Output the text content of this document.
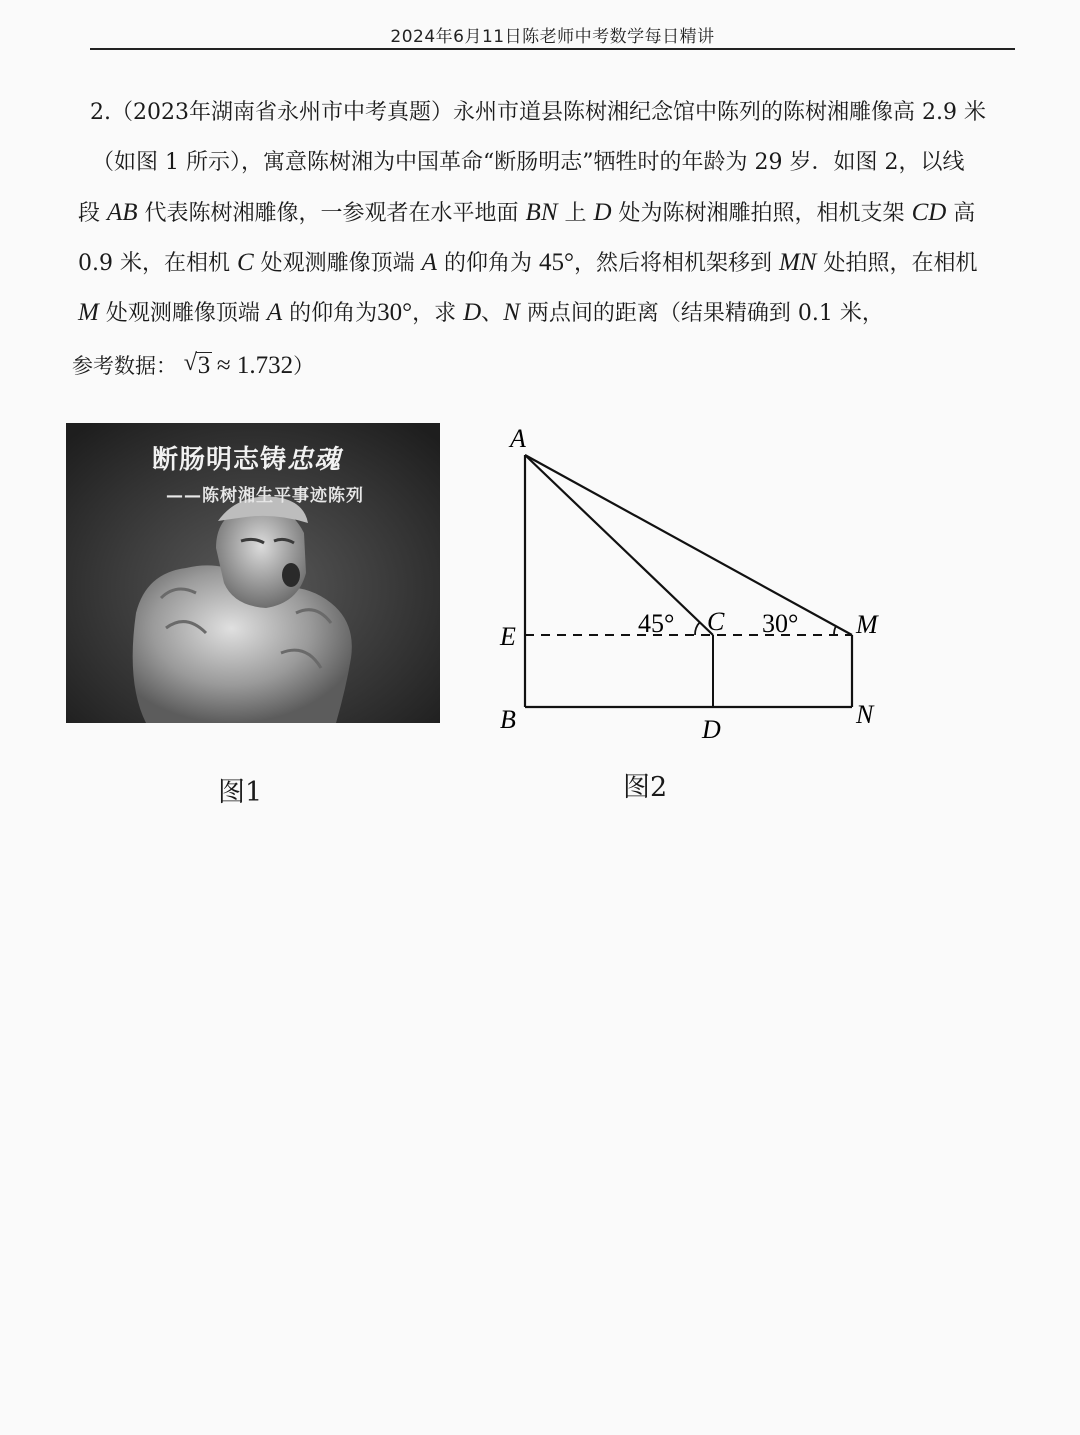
2024年6月11日陈老师中考数学每日精讲
2.（2023年湖南省永州市中考真题）永州市道县陈树湘纪念馆中陈列的陈树湘雕像高 2.9 米
（如图 1 所示），寓意陈树湘为中国革命“断肠明志”牺牲时的年龄为 29 岁．如图 2，以线
段 AB 代表陈树湘雕像，一参观者在水平地面 BN 上 D 处为陈树湘雕拍照，相机支架 CD 高
0.9 米，在相机 C 处观测雕像顶端 A 的仰角为 45°，然后将相机架移到 MN 处拍照，在相机
M 处观测雕像顶端 A 的仰角为30°，求 D、N 两点间的距离（结果精确到 0.1 米，
参考数据： √ 3 ≈ 1.732）
断肠明志铸忠魂
——陈树湘生平事迹陈列
图1
A
E
B
C
D
M
N
45°	30°
图2
